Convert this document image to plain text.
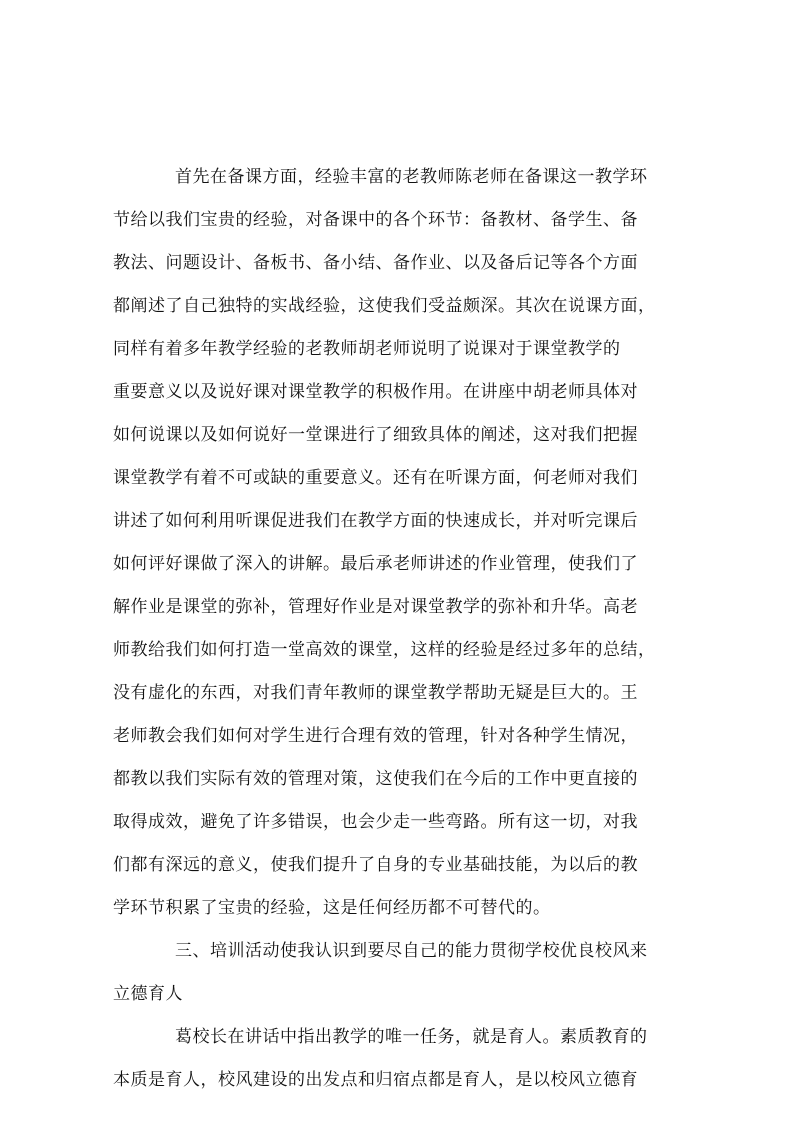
首先在备课方面，经验丰富的老教师陈老师在备课这一教学环
节给以我们宝贵的经验，对备课中的各个环节：备教材、备学生、备
教法、问题设计、备板书、备小结、备作业、以及备后记等各个方面
都阐述了自己独特的实战经验，这使我们受益颇深。其次在说课方面，
同样有着多年教学经验的老教师胡老师说明了说课对于课堂教学的
重要意义以及说好课对课堂教学的积极作用。在讲座中胡老师具体对
如何说课以及如何说好一堂课进行了细致具体的阐述，这对我们把握
课堂教学有着不可或缺的重要意义。还有在听课方面，何老师对我们
讲述了如何利用听课促进我们在教学方面的快速成长，并对听完课后
如何评好课做了深入的讲解。最后承老师讲述的作业管理，使我们了
解作业是课堂的弥补，管理好作业是对课堂教学的弥补和升华。高老
师教给我们如何打造一堂高效的课堂，这样的经验是经过多年的总结，
没有虚化的东西，对我们青年教师的课堂教学帮助无疑是巨大的。王
老师教会我们如何对学生进行合理有效的管理，针对各种学生情况，
都教以我们实际有效的管理对策，这使我们在今后的工作中更直接的
取得成效，避免了许多错误，也会少走一些弯路。所有这一切，对我
们都有深远的意义，使我们提升了自身的专业基础技能，为以后的教
学环节积累了宝贵的经验，这是任何经历都不可替代的。
三、培训活动使我认识到要尽自己的能力贯彻学校优良校风来
立德育人
葛校长在讲话中指出教学的唯一任务，就是育人。素质教育的
本质是育人，校风建设的出发点和归宿点都是育人，是以校风立德育
